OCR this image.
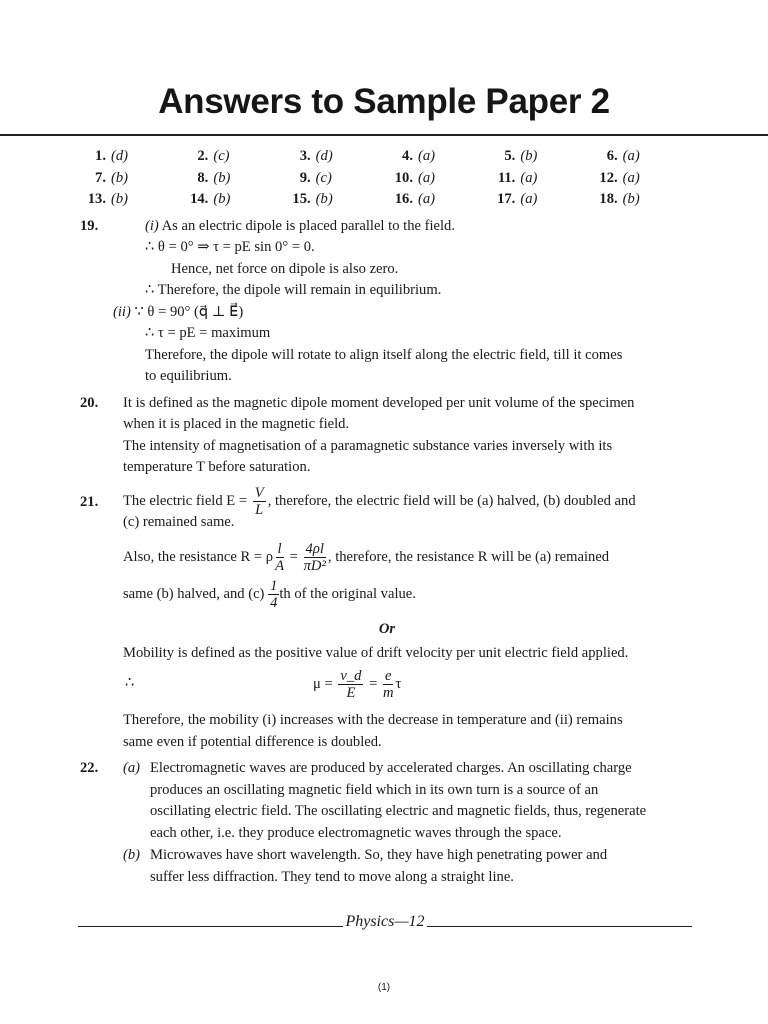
Answers to Sample Paper 2
1. (d)	2. (c)	3. (d)	4. (a)	5. (b)	6. (a)
7. (b)	8. (b)	9. (c)	10. (a)	11. (a)	12. (a)
13. (b)	14. (b)	15. (b)	16. (a)	17. (a)	18. (b)
19.	(i) As an electric dipole is placed parallel to the field.
∴ θ = 0° ⇒ τ = pE sin 0° = 0.
Hence, net force on dipole is also zero.
∴ Therefore, the dipole will remain in equilibrium.
(ii) ∵ θ = 90° (q⃗ ⊥ E⃗)
∴ τ = pE = maximum
Therefore, the dipole will rotate to align itself along the electric field, till it comes
to equilibrium.
20. It is defined as the magnetic dipole moment developed per unit volume of the specimen
when it is placed in the magnetic field.
The intensity of magnetisation of a paramagnetic substance varies inversely with its
temperature T before saturation.
21. The electric field $E = \frac{V}{L}$ , therefore, the electric field will be (a) halved, (b) doubled and
(c) remained same.
Also, the resistance R = ρ $\frac{l}{A} = \frac{4\rho l}{\text{πD²}}$ , therefore, the resistance R will be (a) remained
same (b) halved, and $(c) \frac{1}{4}$ th of the original value.
Or
Mobility is defined as the positive value of drift velocity per unit electric field applied.
∴	$\mu = \frac{v\_d}{E} = \frac{e}{m}$ τ
Therefore, the mobility (i) increases with the decrease in temperature and (ii) remains
same even if potential difference is doubled.
22. (a) Electromagnetic waves are produced by accelerated charges. An oscillating charge
produces an oscillating magnetic field which in its own turn is a source of an
oscillating electric field. The oscillating electric and magnetic fields, thus, regenerate
each other, i.e. they produce electromagnetic waves through the space.
(b) Microwaves have short wavelength. So, they have high penetrating power and
suffer less diffraction. They tend to move along a straight line.
Physics—12
(1)
